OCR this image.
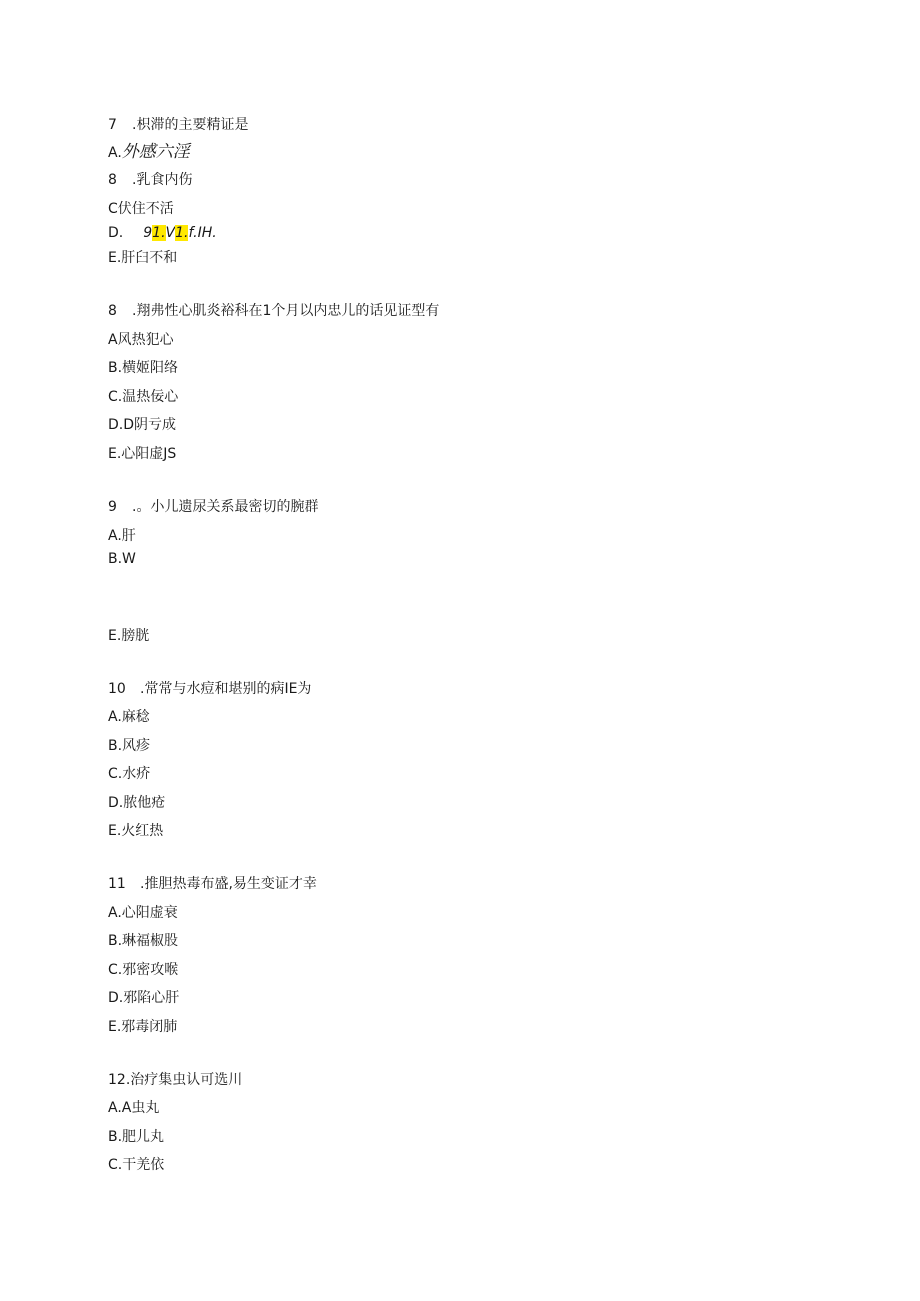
7 .枳滞的主要精证是
A.外感六淫
8 .乳食内伤
C伏住不活
D. 91.V1.f.IH.
E.肝臼不和
8 .翔弗性心肌炎裕科在1个月以内忠儿的话见证型有
A风热犯心
B.横姬阳络
C.温热佞心
D.D阴亏成
E.心阳虚JS
9 .。小儿遗尿关系最密切的腕群
A.肝
B.W
E.膀胱
10 .常常与水痘和堪别的病IE为
A.麻稔
B.风疹
C.水疥
D.脓他疮
E.火红热
11 .推胆热毒布盛,易生变证才幸
A.心阳虚衰
B.琳福椒股
C.邪密攻喉
D.邪陷心肝
E.邪毒闭肺
12.治疗集虫认可选川
A.A虫丸
B.肥儿丸
C.干羌依
